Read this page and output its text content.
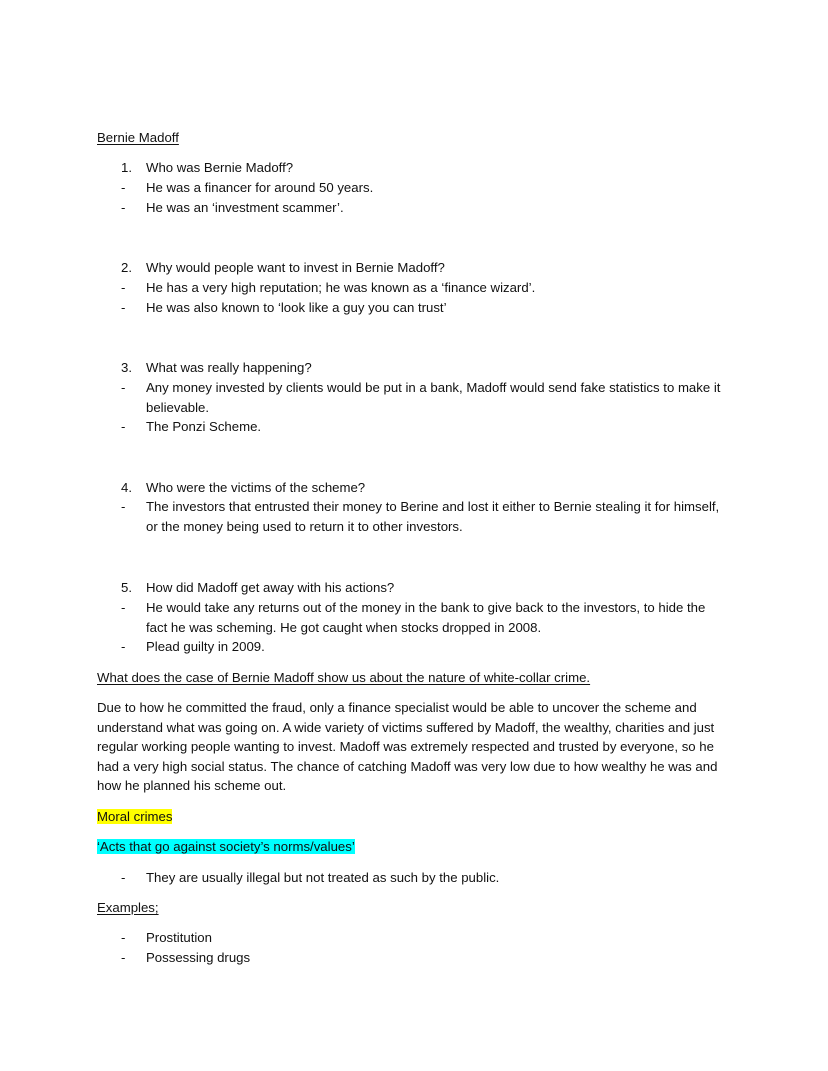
Bernie Madoff
1. Who was Bernie Madoff?
- He was a financer for around 50 years.
- He was an ‘investment scammer’.
2. Why would people want to invest in Bernie Madoff?
- He has a very high reputation; he was known as a ‘finance wizard’.
- He was also known to ‘look like a guy you can trust’
3. What was really happening?
- Any money invested by clients would be put in a bank, Madoff would send fake statistics to make it believable.
- The Ponzi Scheme.
4. Who were the victims of the scheme?
- The investors that entrusted their money to Berine and lost it either to Bernie stealing it for himself, or the money being used to return it to other investors.
5. How did Madoff get away with his actions?
- He would take any returns out of the money in the bank to give back to the investors, to hide the fact he was scheming. He got caught when stocks dropped in 2008.
- Plead guilty in 2009.
What does the case of Bernie Madoff show us about the nature of white-collar crime.
Due to how he committed the fraud, only a finance specialist would be able to uncover the scheme and understand what was going on. A wide variety of victims suffered by Madoff, the wealthy, charities and just regular working people wanting to invest. Madoff was extremely respected and trusted by everyone, so he had a very high social status. The chance of catching Madoff was very low due to how wealthy he was and how he planned his scheme out.
Moral crimes
‘Acts that go against society’s norms/values’
- They are usually illegal but not treated as such by the public.
Examples;
- Prostitution
- Possessing drugs
